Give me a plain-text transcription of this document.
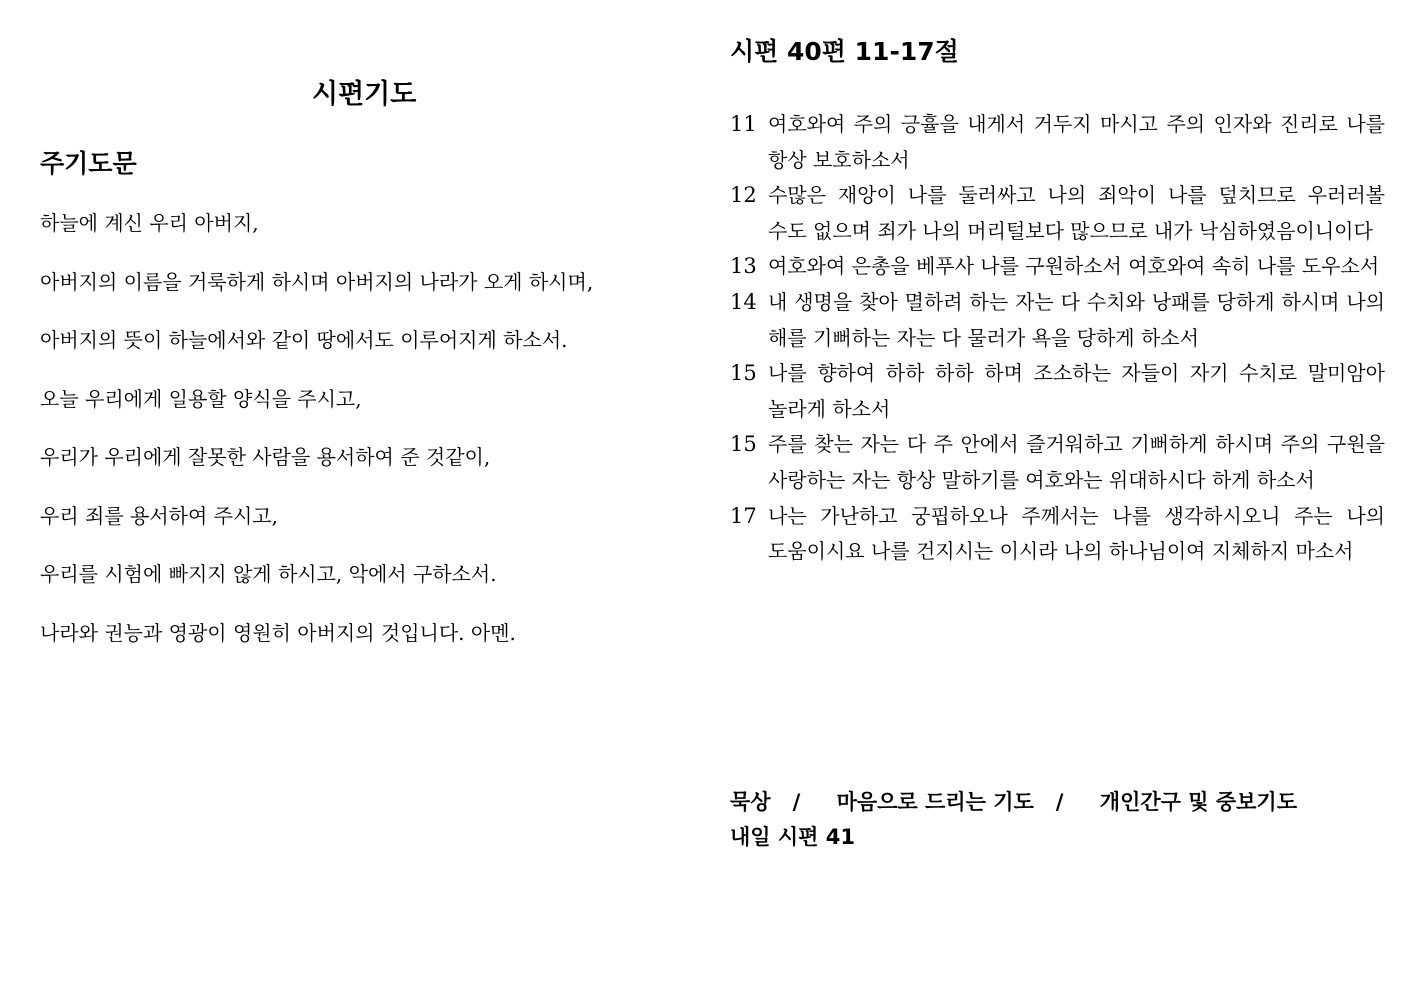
시편기도
주기도문
하늘에 계신 우리 아버지,
아버지의 이름을 거룩하게 하시며 아버지의 나라가 오게 하시며,
아버지의 뜻이 하늘에서와 같이 땅에서도 이루어지게 하소서.
오늘 우리에게 일용할 양식을 주시고,
우리가 우리에게 잘못한 사람을 용서하여 준 것같이,
우리 죄를 용서하여 주시고,
우리를 시험에 빠지지 않게 하시고, 악에서 구하소서.
나라와 권능과 영광이 영원히 아버지의 것입니다. 아멘.
시편 40편 11-17절
11 여호와여 주의 긍휼을 내게서 거두지 마시고 주의 인자와 진리로 나를 항상 보호하소서
12 수많은 재앙이 나를 둘러싸고 나의 죄악이 나를 덮치므로 우러러볼 수도 없으며 죄가 나의 머리털보다 많으므로 내가 낙심하였음이니이다
13 여호와여 은총을 베푸사 나를 구원하소서 여호와여 속히 나를 도우소서
14 내 생명을 찾아 멸하려 하는 자는 다 수치와 낭패를 당하게 하시며 나의 해를 기뻐하는 자는 다 물러가 욕을 당하게 하소서
15 나를 향하여 하하 하하 하며 조소하는 자들이 자기 수치로 말미암아 놀라게 하소서
15 주를 찾는 자는 다 주 안에서 즐거워하고 기뻐하게 하시며 주의 구원을 사랑하는 자는 항상 말하기를 여호와는 위대하시다 하게 하소서
17 나는 가난하고 궁핍하오나 주께서는 나를 생각하시오니 주는 나의 도움이시요 나를 건지시는 이시라 나의 하나님이여 지체하지 마소서
묵상 / 마음으로 드리는 기도 / 개인간구 및 중보기도
내일 시편 41
